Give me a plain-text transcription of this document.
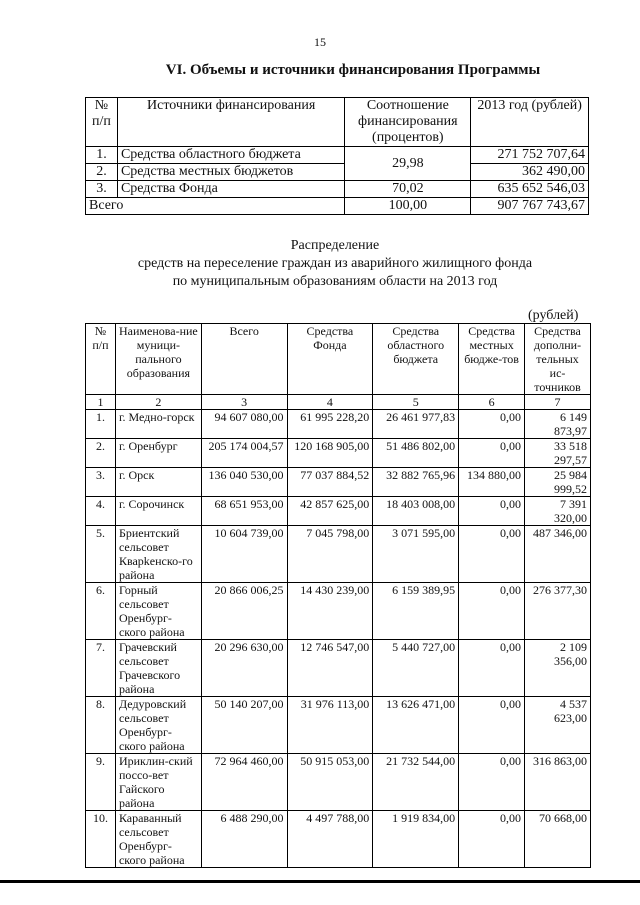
15
VI. Объемы и источники финансирования Программы
№ п/п	Источники финансирования	Соотношение финансирования (процентов)	2013 год (рублей)
1.	Средства областного бюджета	29,98	271 752 707,64
2.	Средства местных бюджетов		362 490,00
3.	Средства Фонда	70,02	635 652 546,03
Всего		100,00	907 767 743,67
Распределение
средств на переселение граждан из аварийного жилищного фонда
по муниципальным образованиям области на 2013 год
(рублей)
№ п/п	Наименова-ние муници-пального образования	Всего	Средства Фонда	Средства областного бюджета	Средства местных бюдже-тов	Средства дополни-тельных ис-точников
1	2	3	4	5	6	7
1.	г. Медно-горск	94 607 080,00	61 995 228,20	26 461 977,83	0,00	6 149 873,97
2.	г. Оренбург	205 174 004,57	120 168 905,00	51 486 802,00	0,00	33 518 297,57
3.	г. Орск	136 040 530,00	77 037 884,52	32 882 765,96	134 880,00	25 984 999,52
4.	г. Сорочинск	68 651 953,00	42 857 625,00	18 403 008,00	0,00	7 391 320,00
5.	Бриентский сельсовет Кварkенско-го района	10 604 739,00	7 045 798,00	3 071 595,00	0,00	487 346,00
6.	Горный сельсовет Оренбург-ского района	20 866 006,25	14 430 239,00	6 159 389,95	0,00	276 377,30
7.	Грачевский сельсовет Грачевского района	20 296 630,00	12 746 547,00	5 440 727,00	0,00	2 109 356,00
8.	Дедуровский сельсовет Оренбург-ского района	50 140 207,00	31 976 113,00	13 626 471,00	0,00	4 537 623,00
9.	Ириклин-ский поссо-вет Гайского района	72 964 460,00	50 915 053,00	21 732 544,00	0,00	316 863,00
10.	Караванный сельсовет Оренбург-ского района	6 488 290,00	4 497 788,00	1 919 834,00	0,00	70 668,00
